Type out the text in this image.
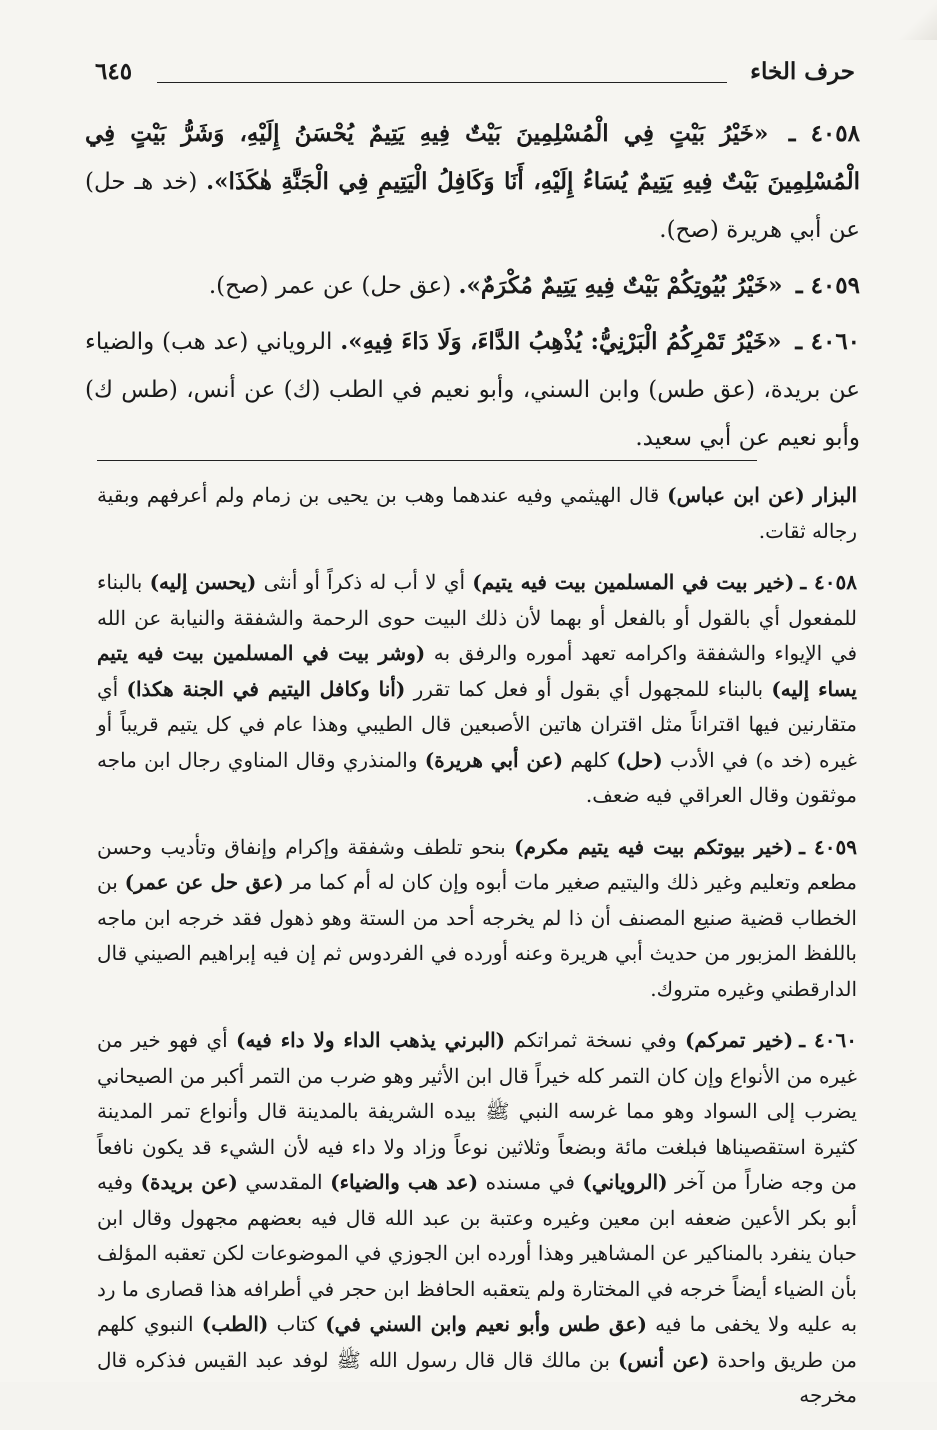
حرف الخاء
٦٤٥

٤٠٥٨ ـ «خَيْرُ بَيْتٍ فِي الْمُسْلِمِينَ بَيْتٌ فِيهِ يَتِيمٌ يُحْسَنُ إِلَيْهِ، وَشَرُّ بَيْتٍ فِي الْمُسْلِمِينَ بَيْتٌ فِيهِ يَتِيمٌ يُسَاءُ إِلَيْهِ، أَنَا وَكَافِلُ الْيَتِيمِ فِي الْجَنَّةِ هٰكَذَا». (خد هـ حل) عن أبي هريرة (صح).

٤٠٥٩ ـ «خَيْرُ بُيُوتِكُمْ بَيْتٌ فِيهِ يَتِيمٌ مُكْرَمٌ». (عق حل) عن عمر (صح).

٤٠٦٠ ـ «خَيْرُ تَمْرِكُمُ الْبَرْنِيُّ: يُذْهِبُ الدَّاءَ، وَلَا دَاءَ فِيهِ». الروياني (عد هب) والضياء عن بريدة، (عق طس) وابن السني، وأبو نعيم في الطب (ك) عن أنس، (طس ك) وأبو نعيم عن أبي سعيد.

البزار (عن ابن عباس) قال الهيثمي وفيه عندهما وهب بن يحيى بن زمام ولم أعرفهم وبقية رجاله ثقات.

٤٠٥٨ ـ(خير بيت في المسلمين بيت فيه يتيم) أي لا أب له ذكراً أو أنثى (يحسن إليه) بالبناء للمفعول أي بالقول أو بالفعل أو بهما لأن ذلك البيت حوى الرحمة والشفقة والنيابة عن الله في الإيواء والشفقة واكرامه تعهد أموره والرفق به (وشر بيت في المسلمين بيت فيه يتيم يساء إليه) بالبناء للمجهول أي بقول أو فعل كما تقرر (أنا وكافل اليتيم في الجنة هكذا) أي متقارنين فيها اقتراناً مثل اقتران هاتين الأصبعين قال الطيبي وهذا عام في كل يتيم قريباً أو غيره (خد ه) في الأدب (حل) كلهم (عن أبي هريرة) والمنذري وقال المناوي رجال ابن ماجه موثقون وقال العراقي فيه ضعف.

٤٠٥٩ ـ(خير بيوتكم بيت فيه يتيم مكرم) بنحو تلطف وشفقة وإكرام وإنفاق وتأديب وحسن مطعم وتعليم وغير ذلك واليتيم صغير مات أبوه وإن كان له أم كما مر (عق حل عن عمر) بن الخطاب قضية صنيع المصنف أن ذا لم يخرجه أحد من الستة وهو ذهول فقد خرجه ابن ماجه باللفظ المزبور من حديث أبي هريرة وعنه أورده في الفردوس ثم إن فيه إبراهيم الصيني قال الدارقطني وغيره متروك.

٤٠٦٠ ـ(خير تمركم) وفي نسخة ثمراتكم (البرني يذهب الداء ولا داء فيه) أي فهو خير من غيره من الأنواع وإن كان التمر كله خيراً قال ابن الأثير وهو ضرب من التمر أكبر من الصيحاني يضرب إلى السواد وهو مما غرسه النبي ﷺ بيده الشريفة بالمدينة قال وأنواع تمر المدينة كثيرة استقصيناها فبلغت مائة وبضعاً وثلاثين نوعاً وزاد ولا داء فيه لأن الشيء قد يكون نافعاً من وجه ضاراً من آخر (الروياني) في مسنده (عد هب والضياء) المقدسي (عن بريدة) وفيه أبو بكر الأعين ضعفه ابن معين وغيره وعتبة بن عبد الله قال فيه بعضهم مجهول وقال ابن حبان ينفرد بالمناكير عن المشاهير وهذا أورده ابن الجوزي في الموضوعات لكن تعقبه المؤلف بأن الضياء أيضاً خرجه في المختارة ولم يتعقبه الحافظ ابن حجر في أطرافه هذا قصارى ما رد به عليه ولا يخفى ما فيه (عق طس وأبو نعيم وابن السني في) كتاب (الطب) النبوي كلهم من طريق واحدة (عن أنس) بن مالك قال قال رسول الله ﷺ لوفد عبد القيس فذكره قال مخرجه
